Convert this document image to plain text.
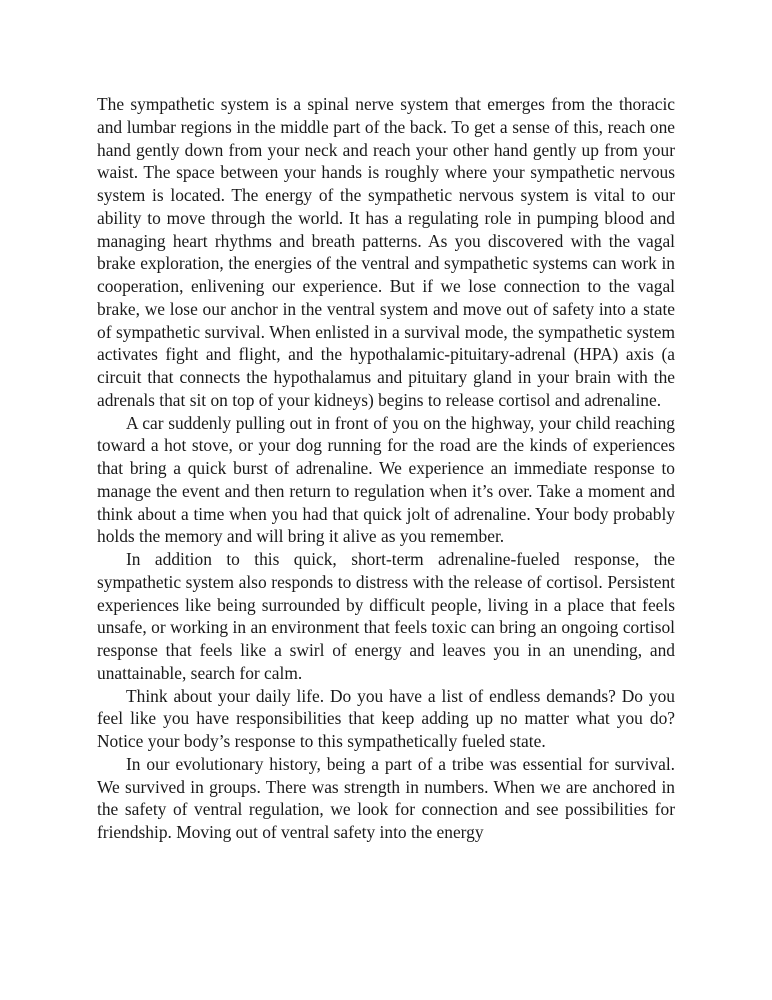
The sympathetic system is a spinal nerve system that emerges from the thoracic and lumbar regions in the middle part of the back. To get a sense of this, reach one hand gently down from your neck and reach your other hand gently up from your waist. The space between your hands is roughly where your sympathetic nervous system is located. The energy of the sympathetic nervous system is vital to our ability to move through the world. It has a regulating role in pumping blood and managing heart rhythms and breath patterns. As you discovered with the vagal brake exploration, the energies of the ventral and sympathetic systems can work in cooperation, enlivening our experience. But if we lose connection to the vagal brake, we lose our anchor in the ventral system and move out of safety into a state of sympathetic survival. When enlisted in a survival mode, the sympathetic system activates fight and flight, and the hypothalamic-pituitary-adrenal (HPA) axis (a circuit that connects the hypothalamus and pituitary gland in your brain with the adrenals that sit on top of your kidneys) begins to release cortisol and adrenaline.

A car suddenly pulling out in front of you on the highway, your child reaching toward a hot stove, or your dog running for the road are the kinds of experiences that bring a quick burst of adrenaline. We experience an immediate response to manage the event and then return to regulation when it’s over. Take a moment and think about a time when you had that quick jolt of adrenaline. Your body probably holds the memory and will bring it alive as you remember.

In addition to this quick, short-term adrenaline-fueled response, the sympathetic system also responds to distress with the release of cortisol. Persistent experiences like being surrounded by difficult people, living in a place that feels unsafe, or working in an environment that feels toxic can bring an ongoing cortisol response that feels like a swirl of energy and leaves you in an unending, and unattainable, search for calm.

Think about your daily life. Do you have a list of endless demands? Do you feel like you have responsibilities that keep adding up no matter what you do? Notice your body’s response to this sympathetically fueled state.

In our evolutionary history, being a part of a tribe was essential for survival. We survived in groups. There was strength in numbers. When we are anchored in the safety of ventral regulation, we look for connection and see possibilities for friendship. Moving out of ventral safety into the energy
